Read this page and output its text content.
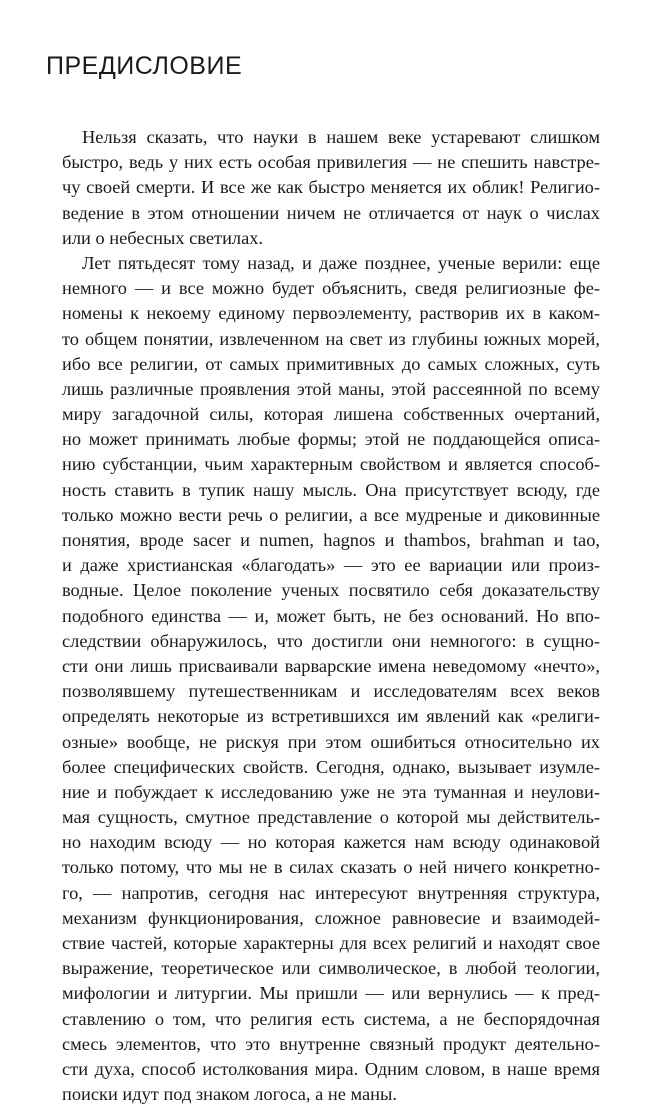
ПРЕДИСЛОВИЕ
Нельзя сказать, что науки в нашем веке устаревают слишком
быстро, ведь у них есть особая привилегия — не спешить навстре-
чу своей смерти. И все же как быстро меняется их облик! Религио-
ведение в этом отношении ничем не отличается от наук о числах
или о небесных светилах.
Лет пятьдесят тому назад, и даже позднее, ученые верили: еще
немного — и все можно будет объяснить, сведя религиозные фе-
номены к некоему единому первоэлементу, растворив их в каком-
то общем понятии, извлеченном на свет из глубины южных морей,
ибо все религии, от самых примитивных до самых сложных, суть
лишь различные проявления этой маны, этой рассеянной по всему
миру загадочной силы, которая лишена собственных очертаний,
но может принимать любые формы; этой не поддающейся описа-
нию субстанции, чьим характерным свойством и является способ-
ность ставить в тупик нашу мысль. Она присутствует всюду, где
только можно вести речь о религии, а все мудреные и диковинные
понятия, вроде sacer и numen, hagnos и thambos, brahman и tao,
и даже христианская «благодать» — это ее вариации или произ-
водные. Целое поколение ученых посвятило себя доказательству
подобного единства — и, может быть, не без оснований. Но впо-
следствии обнаружилось, что достигли они немногого: в сущно-
сти они лишь присваивали варварские имена неведомому «нечто»,
позволявшему путешественникам и исследователям всех веков
определять некоторые из встретившихся им явлений как «религи-
озные» вообще, не рискуя при этом ошибиться относительно их
более специфических свойств. Сегодня, однако, вызывает изумле-
ние и побуждает к исследованию уже не эта туманная и неулови-
мая сущность, смутное представление о которой мы действитель-
но находим всюду — но которая кажется нам всюду одинаковой
только потому, что мы не в силах сказать о ней ничего конкретно-
го, — напротив, сегодня нас интересуют внутренняя структура,
механизм функционирования, сложное равновесие и взаимодей-
ствие частей, которые характерны для всех религий и находят свое
выражение, теоретическое или символическое, в любой теологии,
мифологии и литургии. Мы пришли — или вернулись — к пред-
ставлению о том, что религия есть система, а не беспорядочная
смесь элементов, что это внутренне связный продукт деятельно-
сти духа, способ истолкования мира. Одним словом, в наше время
поиски идут под знаком логоса, а не маны.
